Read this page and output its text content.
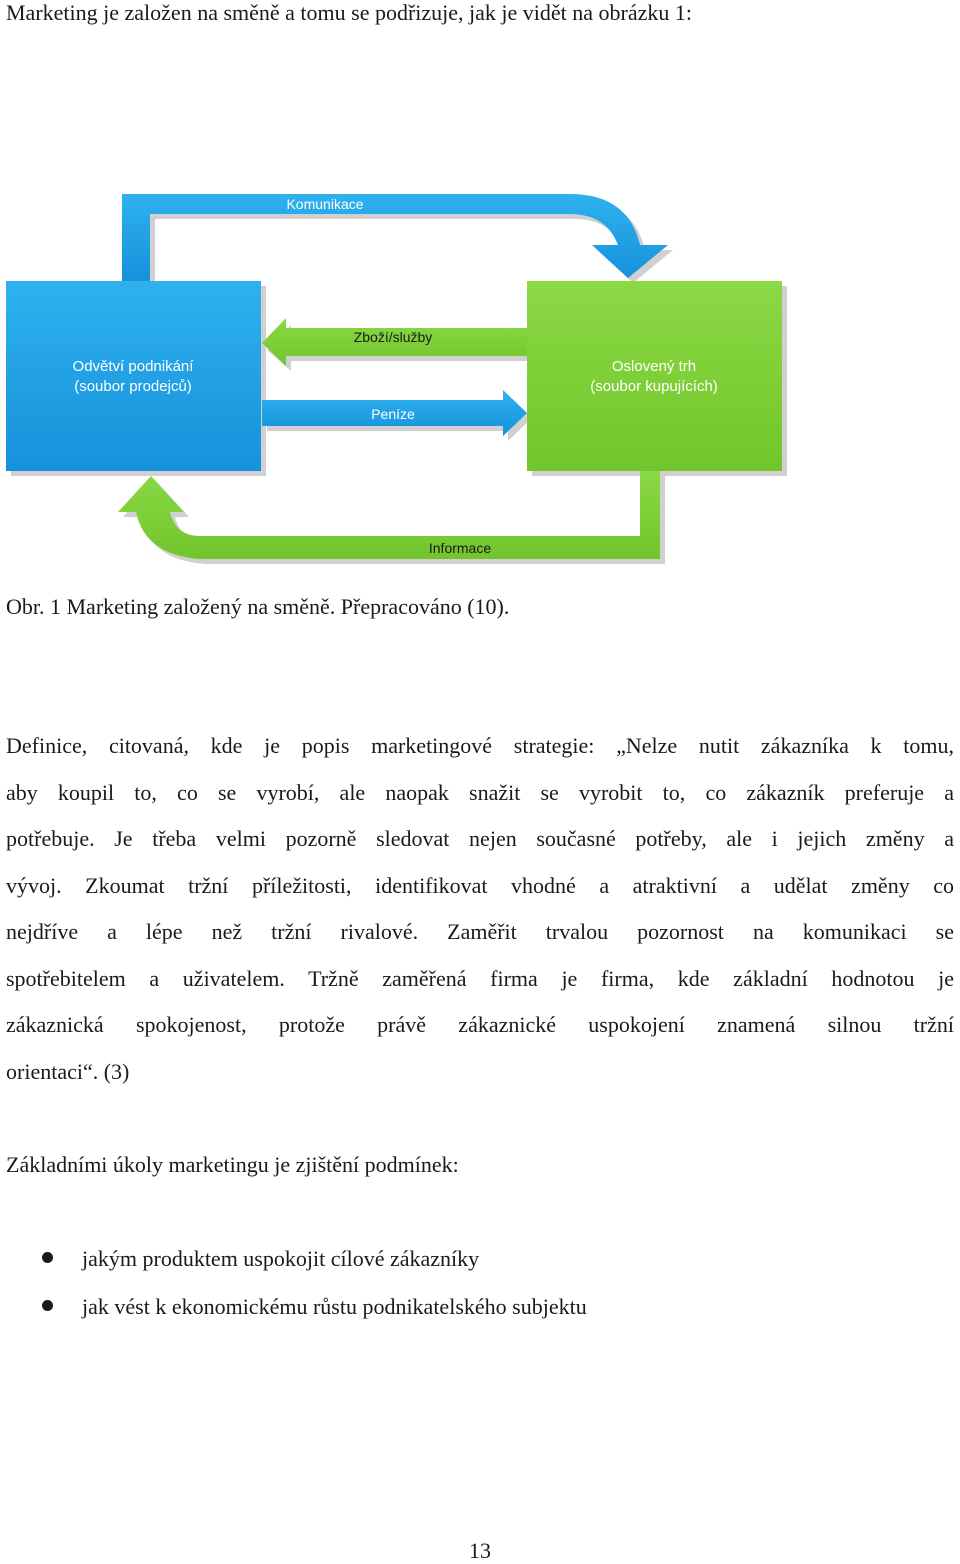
Marketing je založen na směně a tomu se podřizuje, jak je vidět na obrázku 1:
Odvětví podnikání
(soubor prodejců)
Oslovený trh
(soubor kupujících)
Komunikace
Zboží/služby
Peníze
Informace
Obr. 1 Marketing založený na směně. Přepracováno (10).
Definice, citovaná, kde je popis marketingové strategie: „Nelze nutit zákazníka k tomu,
aby koupil to, co se vyrobí, ale naopak snažit se vyrobit to, co zákazník preferuje a
potřebuje. Je třeba velmi pozorně sledovat nejen současné potřeby, ale i jejich změny a
vývoj. Zkoumat tržní příležitosti, identifikovat vhodné a atraktivní a udělat změny co
nejdříve a lépe než tržní rivalové. Zaměřit trvalou pozornost na komunikaci se
spotřebitelem a uživatelem. Tržně zaměřená firma je firma, kde základní hodnotou je
zákaznická spokojenost, protože právě zákaznické uspokojení znamená silnou tržní
orientaci“. (3)
Základními úkoly marketingu je zjištění podmínek:
jakým produktem uspokojit cílové zákazníky
jak vést k ekonomickému růstu podnikatelského subjektu
13
